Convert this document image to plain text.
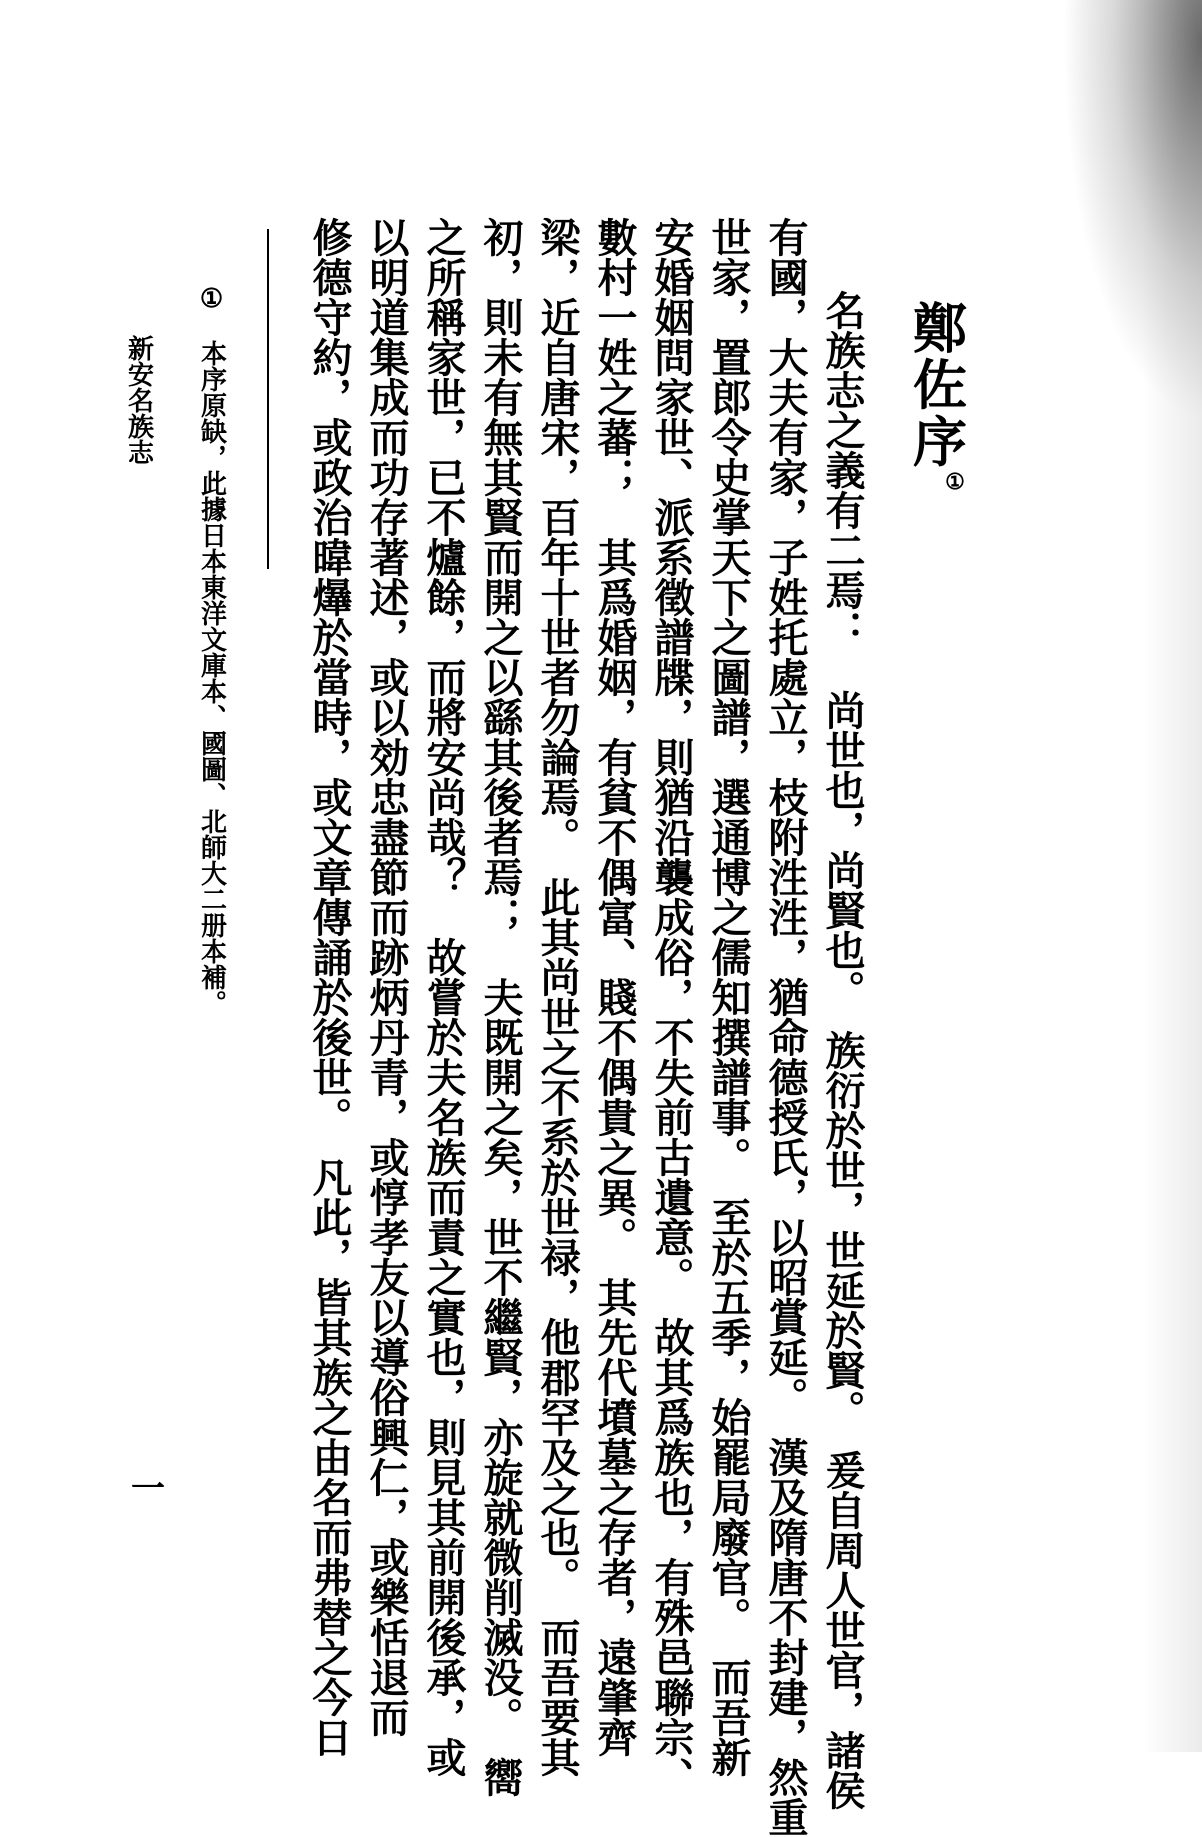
鄭佐序①
名族志之義有二焉：　尚世也，尚賢也。　族衍於世，世延於賢。　爰自周人世官，諸侯
有國，大夫有家，子姓托處立，枝附泩泩，猶命德授氏，以昭賞延。　漢及隋唐不封建，然重
世家，置郎令史掌天下之圖譜，選通博之儒知撰譜事。　至於五季，始罷局廢官。　而吾新
安婚姻問家世、派系徵譜牒，則猶沿襲成俗，不失前古遺意。　故其爲族也，有殊邑聯宗、
數村一姓之蕃；　其爲婚姻，有貧不偶富、賤不偶貴之異。　其先代墳墓之存者，遠肇齊
梁，近自唐宋，百年十世者勿論焉。　此其尚世之不系於世禄，他郡罕及之也。　而吾要其
初，則未有無其賢而開之以繇其後者焉；　夫既開之矣，世不繼賢，亦旋就微削滅没。　嚮
之所稱家世，已不爐餘，而將安尚哉？　故嘗於夫名族而責之實也，則見其前開後承，或
以明道集成而功存著述，或以効忠盡節而跡炳丹青，或惇孝友以導俗興仁，或樂恬退而
修德守約，或政治暐爗於當時，或文章傳誦於後世。　凡此，皆其族之由名而弗替之今日
①　本序原缺，此據日本東洋文庫本、國圖、北師大二册本補。
新安名族志
一
